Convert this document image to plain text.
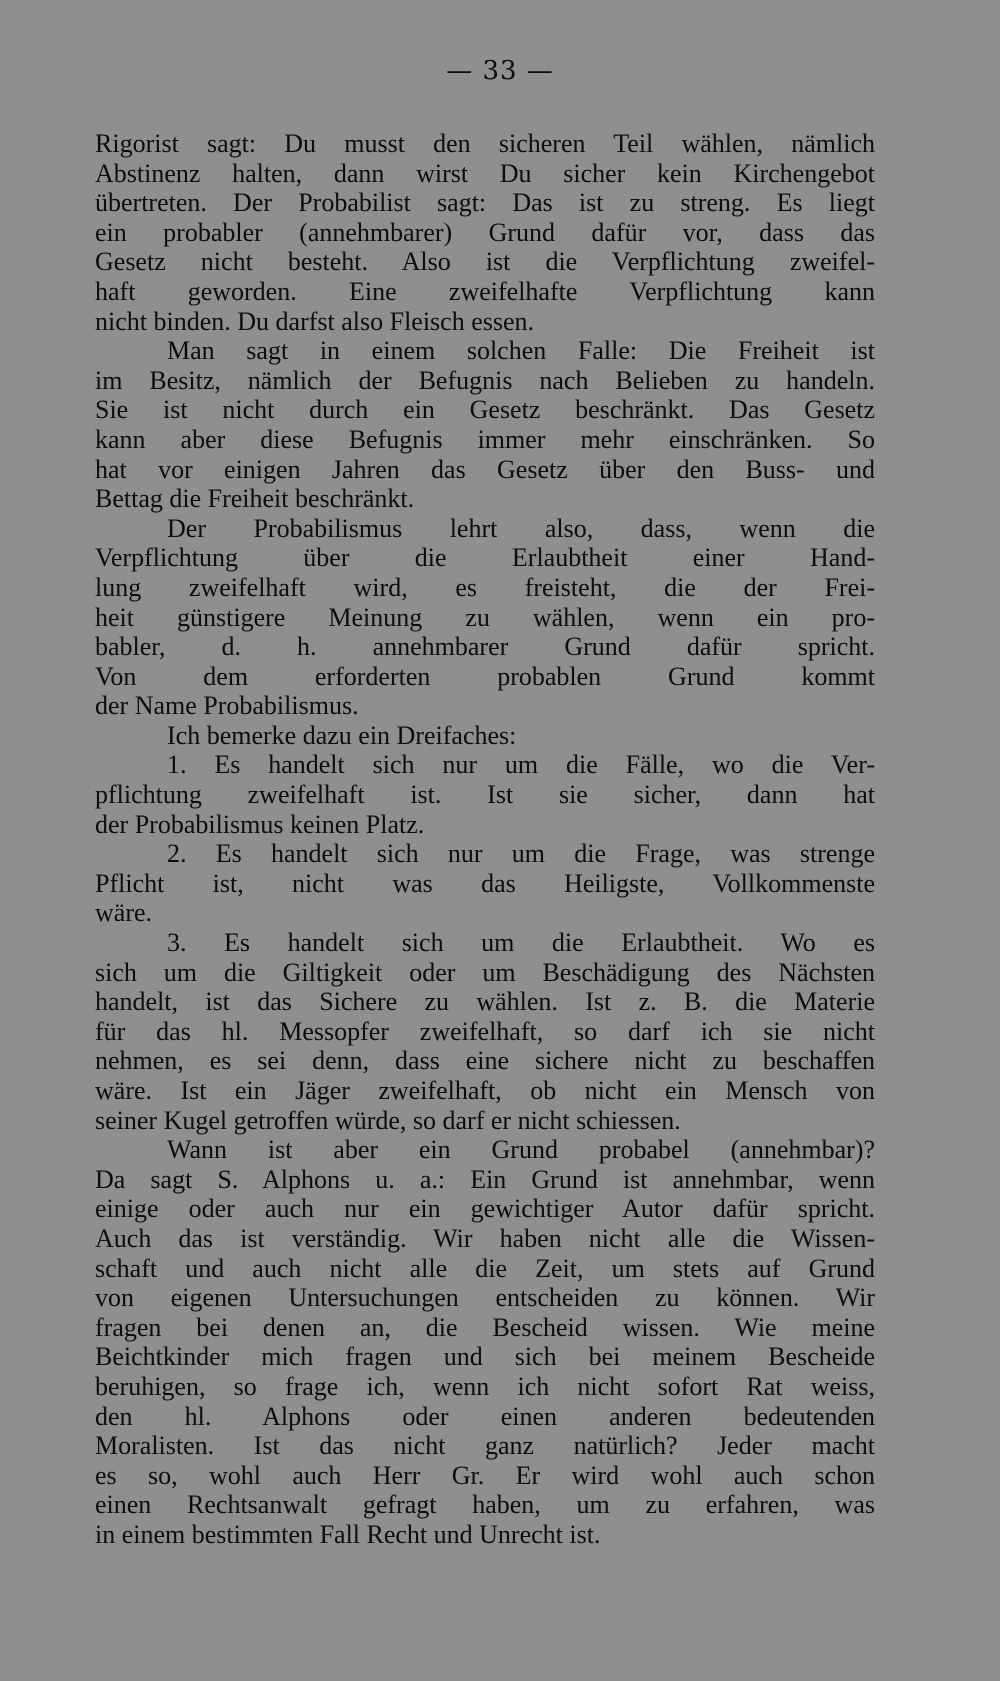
— 33 —
Rigorist sagt: Du musst den sicheren Teil wählen, nämlich
Abstinenz halten, dann wirst Du sicher kein Kirchengebot
übertreten. Der Probabilist sagt: Das ist zu streng. Es liegt
ein probabler (annehmbarer) Grund dafür vor, dass das
Gesetz nicht besteht. Also ist die Verpflichtung zweifel-
haft geworden. Eine zweifelhafte Verpflichtung kann
nicht binden. Du darfst also Fleisch essen.
Man sagt in einem solchen Falle: Die Freiheit ist
im Besitz, nämlich der Befugnis nach Belieben zu handeln.
Sie ist nicht durch ein Gesetz beschränkt. Das Gesetz
kann aber diese Befugnis immer mehr einschränken. So
hat vor einigen Jahren das Gesetz über den Buss- und
Bettag die Freiheit beschränkt.
Der Probabilismus lehrt also, dass, wenn die
Verpflichtung über die Erlaubtheit einer Hand-
lung zweifelhaft wird, es freisteht, die der Frei-
heit günstigere Meinung zu wählen, wenn ein pro-
babler, d. h. annehmbarer Grund dafür spricht.
Von dem erforderten probablen Grund kommt
der Name Probabilismus.
Ich bemerke dazu ein Dreifaches:
1. Es handelt sich nur um die Fälle, wo die Ver-
pflichtung zweifelhaft ist. Ist sie sicher, dann hat
der Probabilismus keinen Platz.
2. Es handelt sich nur um die Frage, was strenge
Pflicht ist, nicht was das Heiligste, Vollkommenste
wäre.
3. Es handelt sich um die Erlaubtheit. Wo es
sich um die Giltigkeit oder um Beschädigung des Nächsten
handelt, ist das Sichere zu wählen. Ist z. B. die Materie
für das hl. Messopfer zweifelhaft, so darf ich sie nicht
nehmen, es sei denn, dass eine sichere nicht zu beschaffen
wäre. Ist ein Jäger zweifelhaft, ob nicht ein Mensch von
seiner Kugel getroffen würde, so darf er nicht schiessen.
Wann ist aber ein Grund probabel (annehmbar)?
Da sagt S. Alphons u. a.: Ein Grund ist annehmbar, wenn
einige oder auch nur ein gewichtiger Autor dafür spricht.
Auch das ist verständig. Wir haben nicht alle die Wissen-
schaft und auch nicht alle die Zeit, um stets auf Grund
von eigenen Untersuchungen entscheiden zu können. Wir
fragen bei denen an, die Bescheid wissen. Wie meine
Beichtkinder mich fragen und sich bei meinem Bescheide
beruhigen, so frage ich, wenn ich nicht sofort Rat weiss,
den hl. Alphons oder einen anderen bedeutenden
Moralisten. Ist das nicht ganz natürlich? Jeder macht
es so, wohl auch Herr Gr. Er wird wohl auch schon
einen Rechtsanwalt gefragt haben, um zu erfahren, was
in einem bestimmten Fall Recht und Unrecht ist.
